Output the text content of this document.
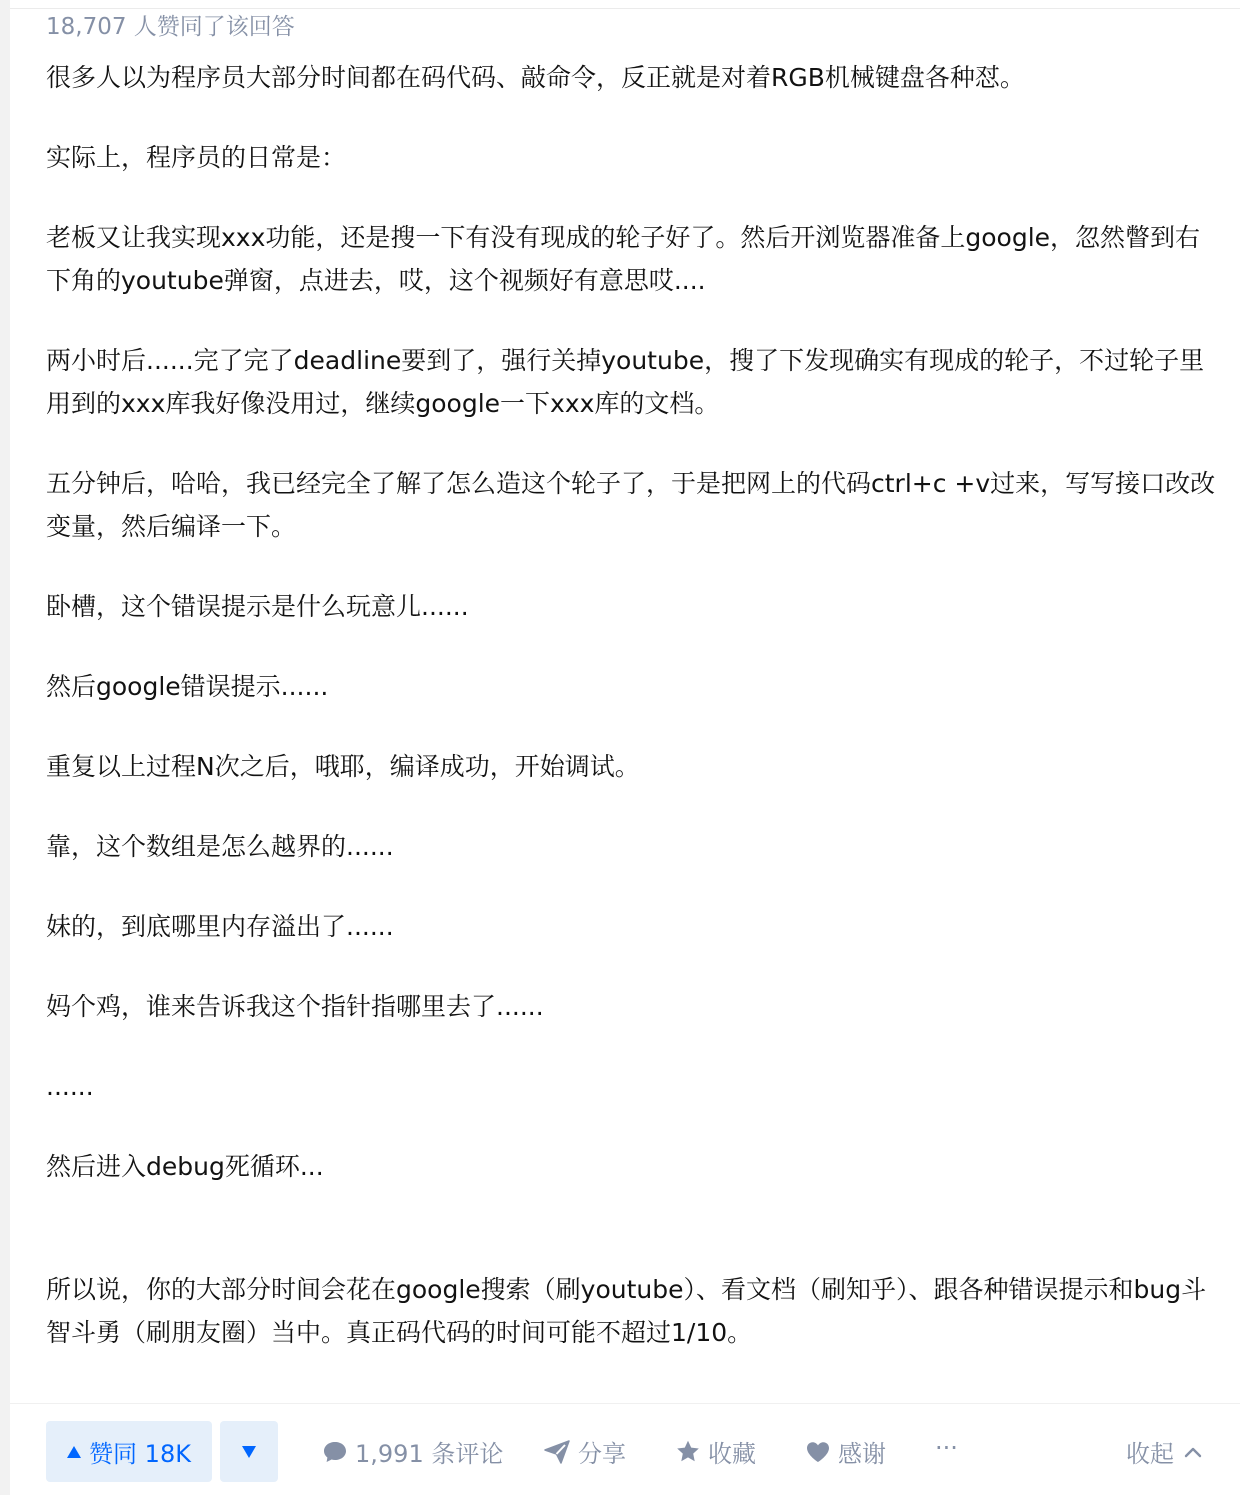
18,707 人赞同了该回答

很多人以为程序员大部分时间都在码代码、敲命令，反正就是对着RGB机械键盘各种怼。

实际上，程序员的日常是：

老板又让我实现xxx功能，还是搜一下有没有现成的轮子好了。然后开浏览器准备上google，忽然瞥到右下角的youtube弹窗，点进去，哎，这个视频好有意思哎....

两小时后......完了完了deadline要到了，强行关掉youtube，搜了下发现确实有现成的轮子，不过轮子里用到的xxx库我好像没用过，继续google一下xxx库的文档。

五分钟后，哈哈，我已经完全了解了怎么造这个轮子了，于是把网上的代码ctrl+c +v过来，写写接口改改变量，然后编译一下。

卧槽，这个错误提示是什么玩意儿......

然后google错误提示......

重复以上过程N次之后，哦耶，编译成功，开始调试。

靠，这个数组是怎么越界的......

妹的，到底哪里内存溢出了......

妈个鸡，谁来告诉我这个指针指哪里去了......

......

然后进入debug死循环...

所以说，你的大部分时间会花在google搜索（刷youtube）、看文档（刷知乎）、跟各种错误提示和bug斗智斗勇（刷朋友圈）当中。真正码代码的时间可能不超过1/10。

赞同 18K	1,991 条评论	分享	收藏	感谢 ···	收起
